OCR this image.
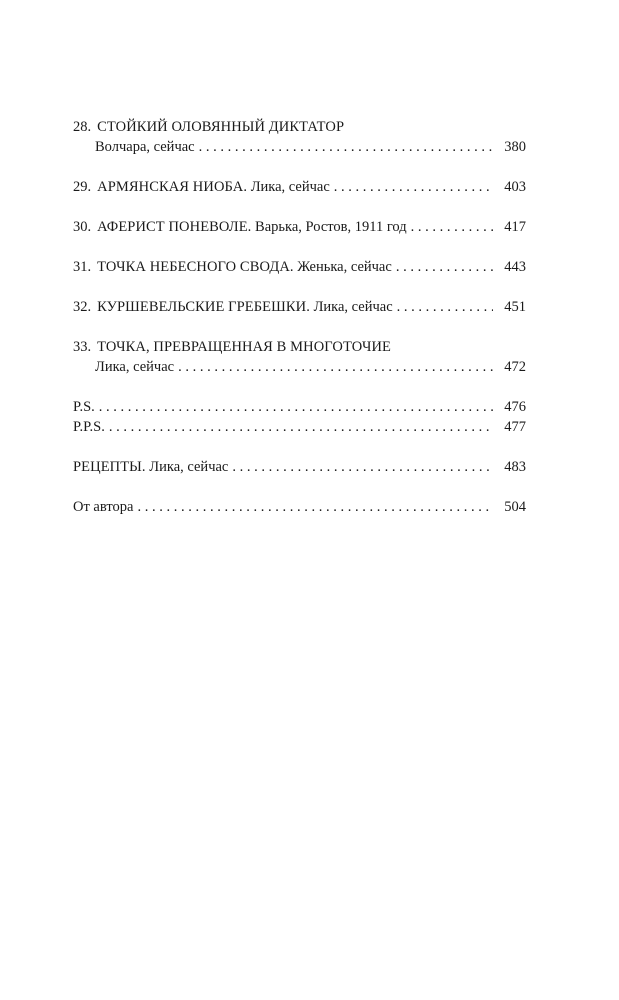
28. СТОЙКИЙ ОЛОВЯННЫЙ ДИКТАТОР
Волчара, сейчас . . .	380
29. АРМЯНСКАЯ НИОБА. Лика, сейчас . . .	403
30. АФЕРИСТ ПОНЕВОЛЕ. Варька, Ростов, 1911 год . . .	417
31. ТОЧКА НЕБЕСНОГО СВОДА. Женька, сейчас . . .	443
32. КУРШЕВЕЛЬСКИЕ ГРЕБЕШКИ. Лика, сейчас . . .	451
33. ТОЧКА, ПРЕВРАЩЕННАЯ В МНОГОТОЧИЕ
Лика, сейчас . . .	472
P.S. . . .	476
P.P.S. . . .	477
РЕЦЕПТЫ. Лика, сейчас . . .	483
От автора . . .	504
